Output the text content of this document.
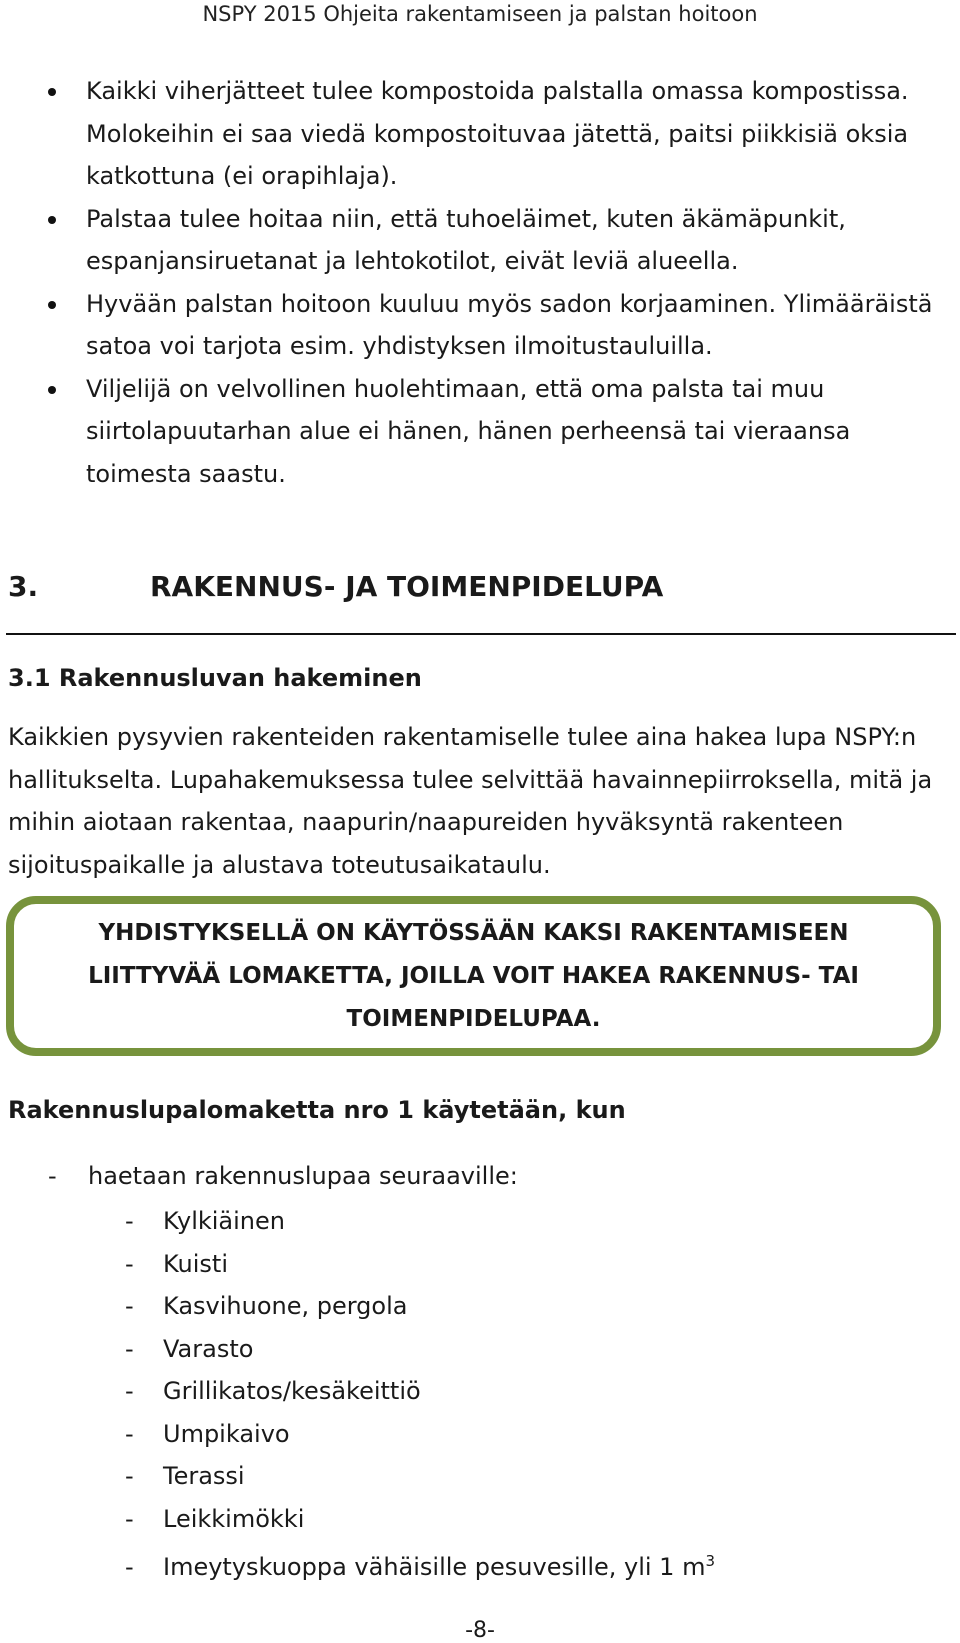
NSPY 2015 Ohjeita rakentamiseen ja palstan hoitoon
Kaikki viherjätteet tulee kompostoida palstalla omassa kompostissa. Molokeihin ei saa viedä kompostoituvaa jätettä, paitsi piikkisiä oksia katkottuna (ei orapihlaja).
Palstaa tulee hoitaa niin, että tuhoeläimet, kuten äkämäpunkit, espanjansiruetanat ja lehtokotilot, eivät leviä alueella.
Hyvään palstan hoitoon kuuluu myös sadon korjaaminen. Ylimääräistä satoa voi tarjota esim. yhdistyksen ilmoitustauluilla.
Viljelijä on velvollinen huolehtimaan, että oma palsta tai muu siirtolapuutarhan alue ei hänen, hänen perheensä tai vieraansa toimesta saastu.
3.	RAKENNUS- JA TOIMENPIDELUPA
3.1 Rakennusluvan hakeminen

Kaikkien pysyvien rakenteiden rakentamiselle tulee aina hakea lupa NSPY:n hallitukselta. Lupahakemuksessa tulee selvittää havainnepiirroksella, mitä ja mihin aiotaan rakentaa, naapurin/naapureiden hyväksyntä rakenteen sijoituspaikalle ja alustava toteutusaikataulu.

YHDISTYKSELLÄ ON KÄYTÖSSÄÄN KAKSI RAKENTAMISEEN LIITTYVÄÄ LOMAKETTA, JOILLA VOIT HAKEA RAKENNUS- TAI TOIMENPIDELUPAA.
Rakennuslupalomaketta nro 1 käytetään, kun
- haetaan rakennuslupaa seuraaville:
- Kylkiäinen
- Kuisti
- Kasvihuone, pergola
- Varasto
- Grillikatos/kesäkeittiö
- Umpikaivo
- Terassi
- Leikkimökki
- Imeytyskuoppa vähäisille pesuvesille, yli 1 $m^3$
-8-
